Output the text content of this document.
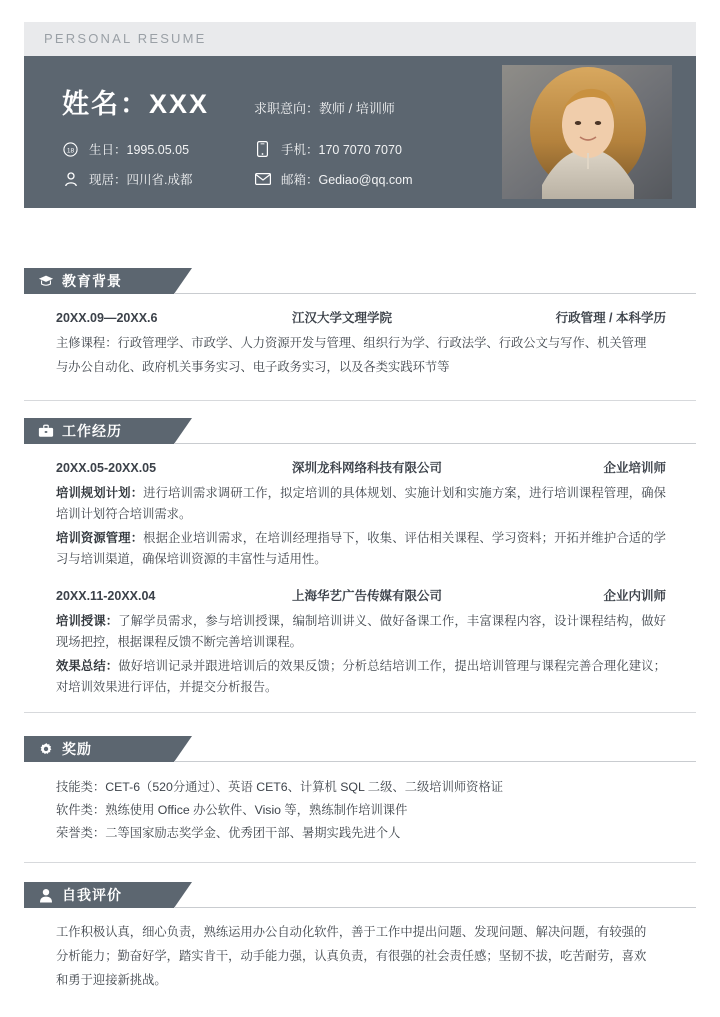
PERSONAL RESUME
姓名：XXX	求职意向：教师 / 培训师
18 生日：1995.05.05	手机：170 7070 7070
现居：四川省.成都	邮箱：Gediao@qq.com
教育背景
20XX.09—20XX.6	江汉大学文理学院	行政管理 / 本科学历

主修课程：行政管理学、市政学、人力资源开发与管理、组织行为学、行政法学、行政公文与写作、机关管理

与办公自动化、政府机关事务实习、电子政务实习，以及各类实践环节等

工作经历
20XX.05-20XX.05	深圳龙科网络科技有限公司	企业培训师

培训规划计划：进行培训需求调研工作，拟定培训的具体规划、实施计划和实施方案，进行培训课程管理，确保培训计划符合培训需求。

培训资源管理：根据企业培训需求，在培训经理指导下，收集、评估相关课程、学习资料；开拓并维护合适的学习与培训渠道，确保培训资源的丰富性与适用性。

20XX.11-20XX.04	上海华艺广告传媒有限公司	企业内训师

培训授课：了解学员需求，参与培训授课，编制培训讲义、做好备课工作，丰富课程内容，设计课程结构，做好现场把控，根据课程反馈不断完善培训课程。

效果总结：做好培训记录并跟进培训后的效果反馈；分析总结培训工作，提出培训管理与课程完善合理化建议；对培训效果进行评估，并提交分析报告。

奖励
技能类：CET-6（520分通过）、英语 CET6、计算机 SQL 二级、二级培训师资格证
软件类：熟练使用 Office 办公软件、Visio 等，熟练制作培训课件
荣誉类：二等国家励志奖学金、优秀团干部、暑期实践先进个人
自我评价

工作积极认真，细心负责，熟练运用办公自动化软件，善于工作中提出问题、发现问题、解决问题，有较强的

分析能力；勤奋好学，踏实肯干，动手能力强，认真负责，有很强的社会责任感；坚韧不拔，吃苦耐劳，喜欢

和勇于迎接新挑战。
